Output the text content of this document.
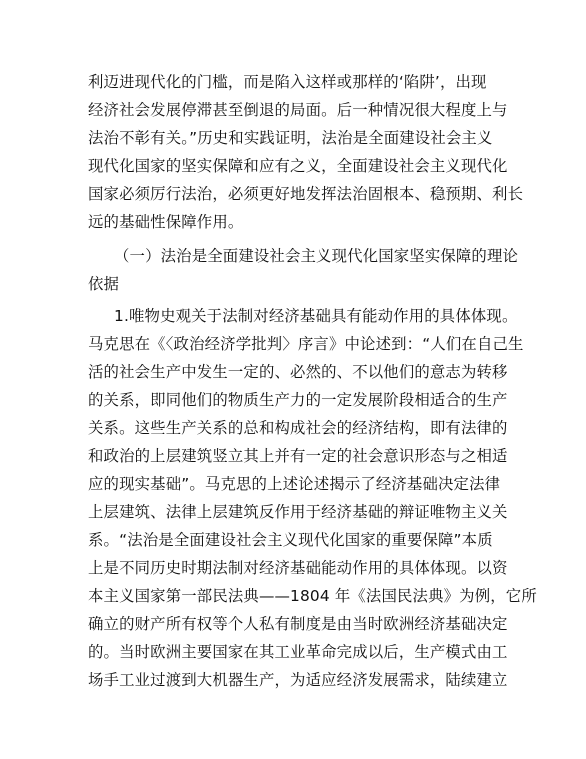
利迈进现代化的门槛，而是陷入这样或那样的‘陷阱’，出现
经济社会发展停滞甚至倒退的局面。后一种情况很大程度上与
法治不彰有关。”历史和实践证明，法治是全面建设社会主义
现代化国家的坚实保障和应有之义，全面建设社会主义现代化
国家必须厉行法治，必须更好地发挥法治固根本、稳预期、利长
远的基础性保障作用。
（一）法治是全面建设社会主义现代化国家坚实保障的理论
依据
1.唯物史观关于法制对经济基础具有能动作用的具体体现。
马克思在《〈政治经济学批判〉序言》中论述到：“人们在自己生
活的社会生产中发生一定的、必然的、不以他们的意志为转移
的关系，即同他们的物质生产力的一定发展阶段相适合的生产
关系。这些生产关系的总和构成社会的经济结构，即有法律的
和政治的上层建筑竖立其上并有一定的社会意识形态与之相适
应的现实基础”。马克思的上述论述揭示了经济基础决定法律
上层建筑、法律上层建筑反作用于经济基础的辩证唯物主义关
系。“法治是全面建设社会主义现代化国家的重要保障”本质
上是不同历史时期法制对经济基础能动作用的具体体现。以资
本主义国家第一部民法典——1804 年《法国民法典》为例，它所
确立的财产所有权等个人私有制度是由当时欧洲经济基础决定
的。当时欧洲主要国家在其工业革命完成以后，生产模式由工
场手工业过渡到大机器生产，为适应经济发展需求，陆续建立
